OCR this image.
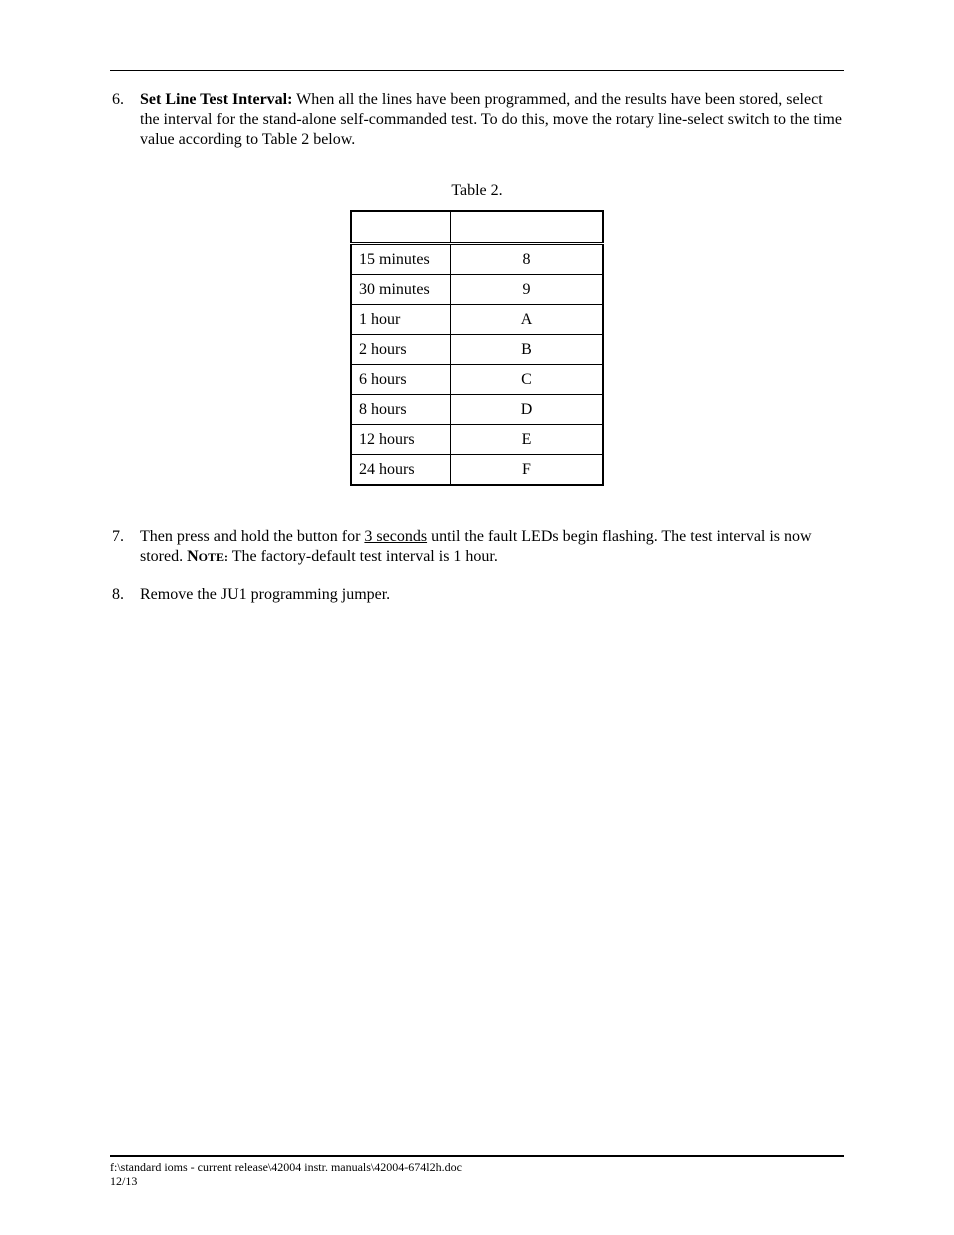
6. Set Line Test Interval: When all the lines have been programmed, and the results have been stored, select the interval for the stand-alone self-commanded test. To do this, move the rotary line-select switch to the time value according to Table 2 below.
Table 2.

15 minutes	8
30 minutes	9
1 hour	A
2 hours	B
6 hours	C
8 hours	D
12 hours	E
24 hours	F
7. Then press and hold the button for 3 seconds until the fault LEDs begin flashing. The test interval is now stored. NOTE: The factory-default test interval is 1 hour.
8. Remove the JU1 programming jumper.
f:\standard ioms - current release\42004 instr. manuals\42004-674l2h.doc
12/13
